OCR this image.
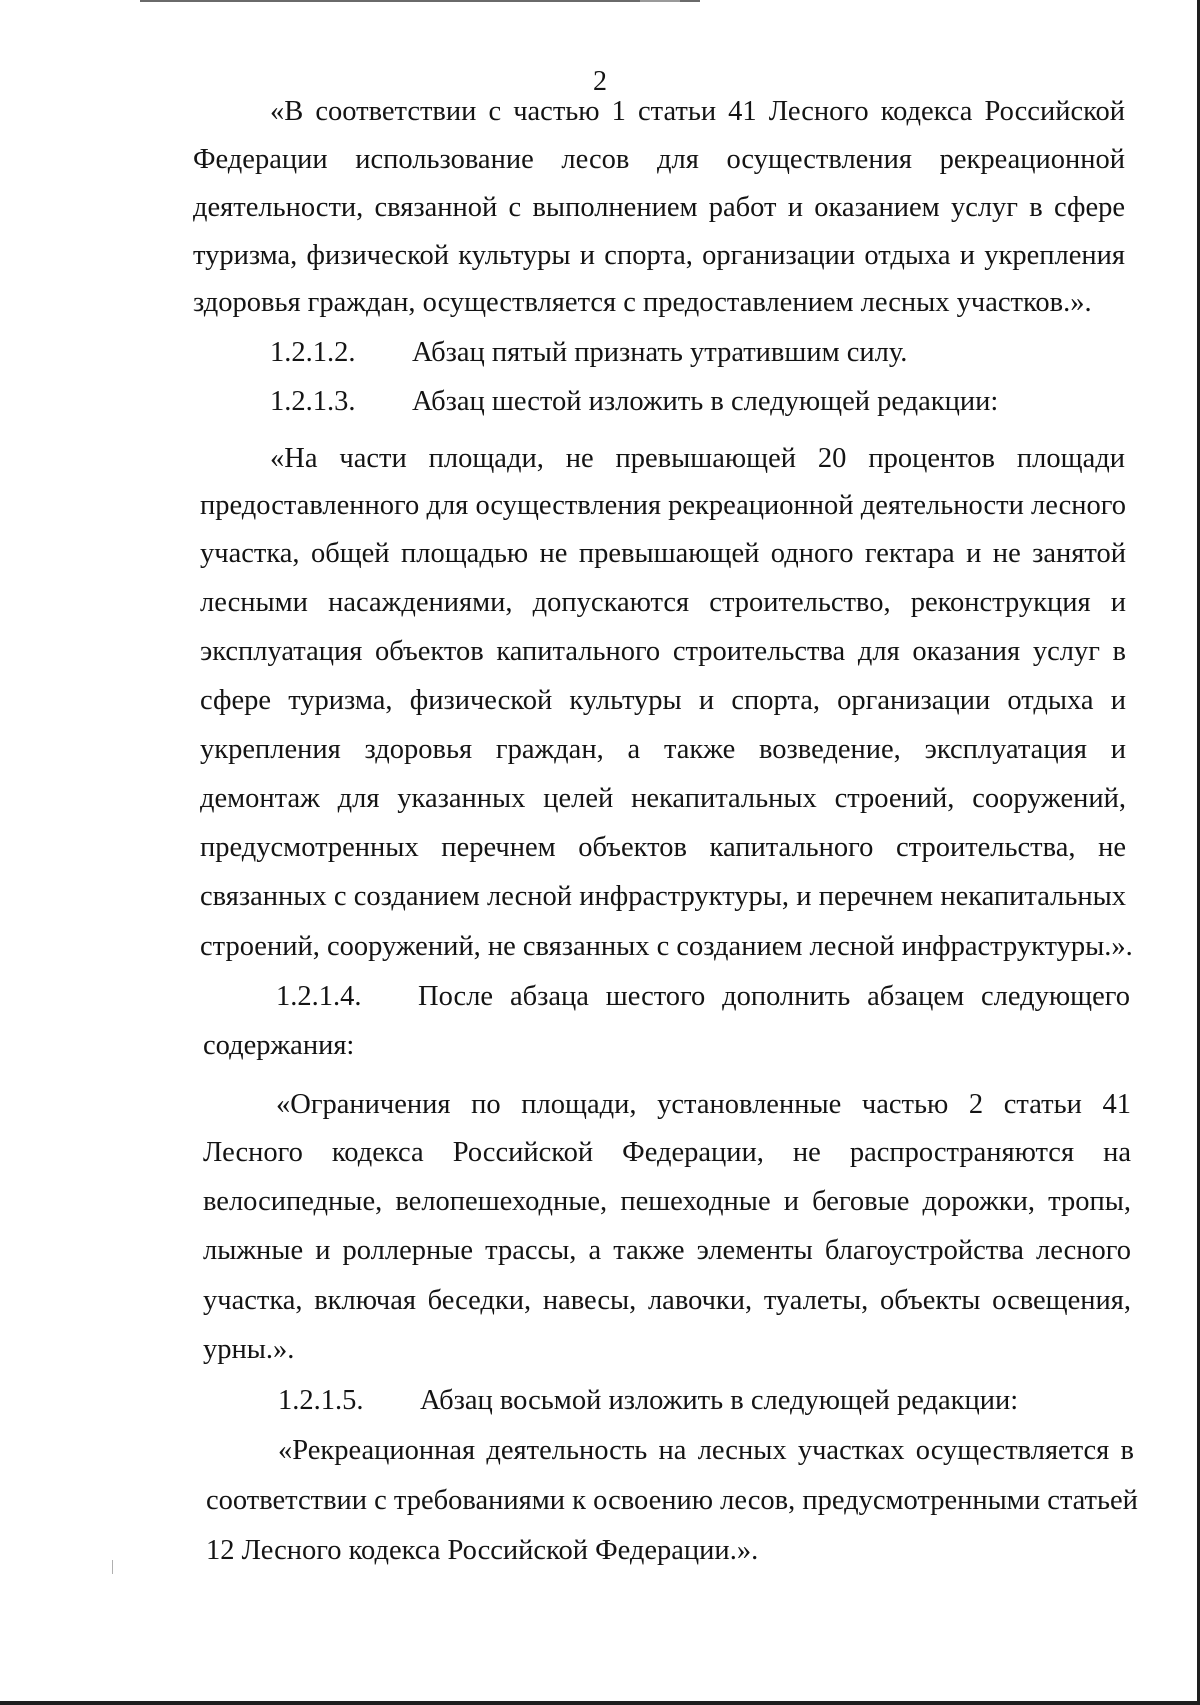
2
«В соответствии с частью 1 статьи 41 Лесного кодекса Российской
Федерации использование лесов для осуществления рекреационной
деятельности, связанной с выполнением работ и оказанием услуг в сфере
туризма, физической культуры и спорта, организации отдыха и укрепления
здоровья граждан, осуществляется с предоставлением лесных участков.».
1.2.1.2. Абзац пятый признать утратившим силу.
1.2.1.3. Абзац шестой изложить в следующей редакции:
«На части площади, не превышающей 20 процентов площади
предоставленного для осуществления рекреационной деятельности лесного
участка, общей площадью не превышающей одного гектара и не занятой
лесными насаждениями, допускаются строительство, реконструкция и
эксплуатация объектов капитального строительства для оказания услуг в
сфере туризма, физической культуры и спорта, организации отдыха и
укрепления здоровья граждан, а также возведение, эксплуатация и
демонтаж для указанных целей некапитальных строений, сооружений,
предусмотренных перечнем объектов капитального строительства, не
связанных с созданием лесной инфраструктуры, и перечнем некапитальных
строений, сооружений, не связанных с созданием лесной инфраструктуры.».
1.2.1.4. После абзаца шестого дополнить абзацем следующего
содержания:
«Ограничения по площади, установленные частью 2 статьи 41
Лесного кодекса Российской Федерации, не распространяются на
велосипедные, велопешеходные, пешеходные и беговые дорожки, тропы,
лыжные и роллерные трассы, а также элементы благоустройства лесного
участка, включая беседки, навесы, лавочки, туалеты, объекты освещения,
урны.».
1.2.1.5. Абзац восьмой изложить в следующей редакции:
«Рекреационная деятельность на лесных участках осуществляется в
соответствии с требованиями к освоению лесов, предусмотренными статьей
12 Лесного кодекса Российской Федерации.».
